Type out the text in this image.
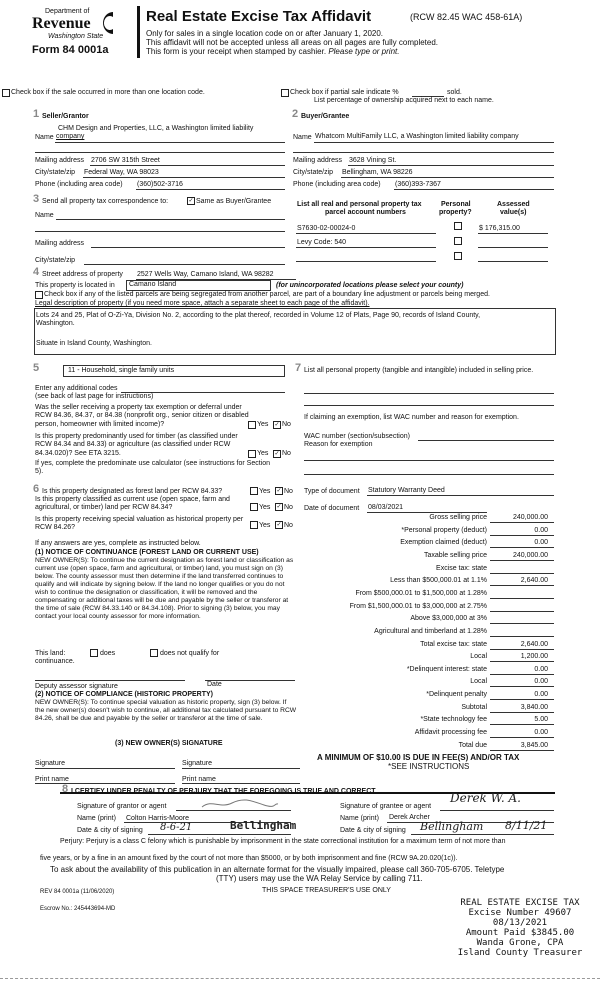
Department of
Revenue
Washington State
Form 84 0001a
Real Estate Excise Tax Affidavit	(RCW 82.45 WAC 458-61A)
Only for sales in a single location code on or after January 1, 2020.
This affidavit will not be accepted unless all areas on all pages are fully completed.
This form is your receipt when stamped by cashier. Please type or print.
Check box if the sale occurred in more than one location code.	Check box if partial sale indicate %	sold.
List percentage of ownership acquired next to each name.
1 Seller/Grantor
CHM Design and Properties, LLC, a Washington limited liability
Name company
Mailing address 2706 SW 315th Street
City/state/zip Federal Way, WA 98023
Phone (including area code) (360)502-3716
2 Buyer/Grantee
Name Whatcom MultiFamily LLC, a Washington limited liability company
Mailing address 3628 Vining St.
City/state/zip Bellingham, WA 98226
Phone (including area code) (360)393-7367
3 Send all property tax correspondence to:	✓ Same as Buyer/Grantee
Name
Mailing address
City/state/zip
List all real and personal property tax
parcel account numbers
Personal
property?
Assessed
value(s)
S7630-02-00024-0	$ 176,315.00
Levy Code: 540
4 Street address of property 2527 Wells Way, Camano Island, WA 98282
This property is located in Camano Island	(for unincorporated locations please select your county)
Check box if any of the listed parcels are being segregated from another parcel, are part of a boundary line adjustment or parcels being merged.
Legal description of property (if you need more space, attach a separate sheet to each page of the affidavit).
Lots 24 and 25, Plat of O-Zi-Ya, Division No. 2, according to the plat thereof, recorded in Volume 12 of Plats, Page 90, records of Island County,
Washington.
Situate in Island County, Washington.
5	11 - Household, single family units
Enter any additional codes
(see back of last page for instructions)
Was the seller receiving a property tax exemption or deferral under RCW 84.36, 84.37, or 84.38 (nonprofit org., senior citizen or disabled person, homeowner with limited income)?	Yes ✓ No
Is this property predominantly used for timber (as classified under RCW 84.34 and 84.33) or agriculture (as classified under RCW 84.34.020)? See ETA 3215.	Yes ✓ No
If yes, complete the predominate use calculator (see instructions for Section 5).
7 List all personal property (tangible and intangible) included in selling price.
If claiming an exemption, list WAC number and reason for exemption.
WAC number (section/subsection)
Reason for exemption
6 Is this property designated as forest land per RCW 84.33?	Yes ✓ No
Is this property classified as current use (open space, farm and agricultural, or timber) land per RCW 84.34?	Yes ✓ No
Is this property receiving special valuation as historical property per RCW 84.26?	Yes ✓ No
If any answers are yes, complete as instructed below.
(1) NOTICE OF CONTINUANCE (FOREST LAND OR CURRENT USE)
NEW OWNER(S): To continue the current designation as forest land or classification as current use (open space, farm and agricultural, or timber) land, you must sign on (3) below. The county assessor must then determine if the land transferred continues to qualify and will indicate by signing below. If the land no longer qualifies or you do not wish to continue the designation or classification, it will be removed and the compensating or additional taxes will be due and payable by the seller or transferor at the time of sale (RCW 84.33.140 or 84.34.108). Prior to signing (3) below, you may contact your local county assessor for more information.
This land:	does	does not qualify for
continuance.
Deputy assessor signature	Date
(2) NOTICE OF COMPLIANCE (HISTORIC PROPERTY)
NEW OWNER(S): To continue special valuation as historic property, sign (3) below. If the new owner(s) doesn't wish to continue, all additional tax calculated pursuant to RCW 84.26, shall be due and payable by the seller or transferor at the time of sale.
(3) NEW OWNER(S) SIGNATURE
Signature	Signature
Print name	Print name
Type of document Statutory Warranty Deed
Date of document 08/03/2021
Gross selling price	240,000.00
*Personal property (deduct)	0.00
Exemption claimed (deduct)	0.00
Taxable selling price	240,000.00
Excise tax: state
Less than $500,000.01 at 1.1%	2,640.00
From $500,000.01 to $1,500,000 at 1.28%
From $1,500,000.01 to $3,000,000 at 2.75%
Above $3,000,000 at 3%
Agricultural and timberland at 1.28%
Total excise tax: state	2,640.00
Local	1,200.00
*Delinquent interest: state	0.00
Local	0.00
*Delinquent penalty	0.00
Subtotal	3,840.00
*State technology fee	5.00
Affidavit processing fee	0.00
Total due	3,845.00
A MINIMUM OF $10.00 IS DUE IN FEE(S) AND/OR TAX
*SEE INSTRUCTIONS
8 I CERTIFY UNDER PENALTY OF PERJURY THAT THE FOREGOING IS TRUE AND CORRECT
Signature of grantor or agent
Name (print) Colton Harris-Moore
Date & city of signing 8-6-21	Bellingham
Signature of grantee or agent
Derek W. A.
Name (print) Derek Archer
Date & city of signing Bellingham 8/11/21
Perjury: Perjury is a class C felony which is punishable by imprisonment in the state correctional institution for a maximum term of not more than
five years, or by a fine in an amount fixed by the court of not more than $5000, or by both imprisonment and fine (RCW 9A.20.020(1c)).
To ask about the availability of this publication in an alternate format for the visually impaired, please call 360-705-6705. Teletype
(TTY) users may use the WA Relay Service by calling 711.
REV 84 0001a (11/06/2020)	THIS SPACE TREASURER'S USE ONLY
Escrow No.: 245443694-MD
REAL ESTATE EXCISE TAX
Excise Number 49607
08/13/2021
Amount Paid $3845.00
Wanda Grone, CPA
Island County Treasurer
